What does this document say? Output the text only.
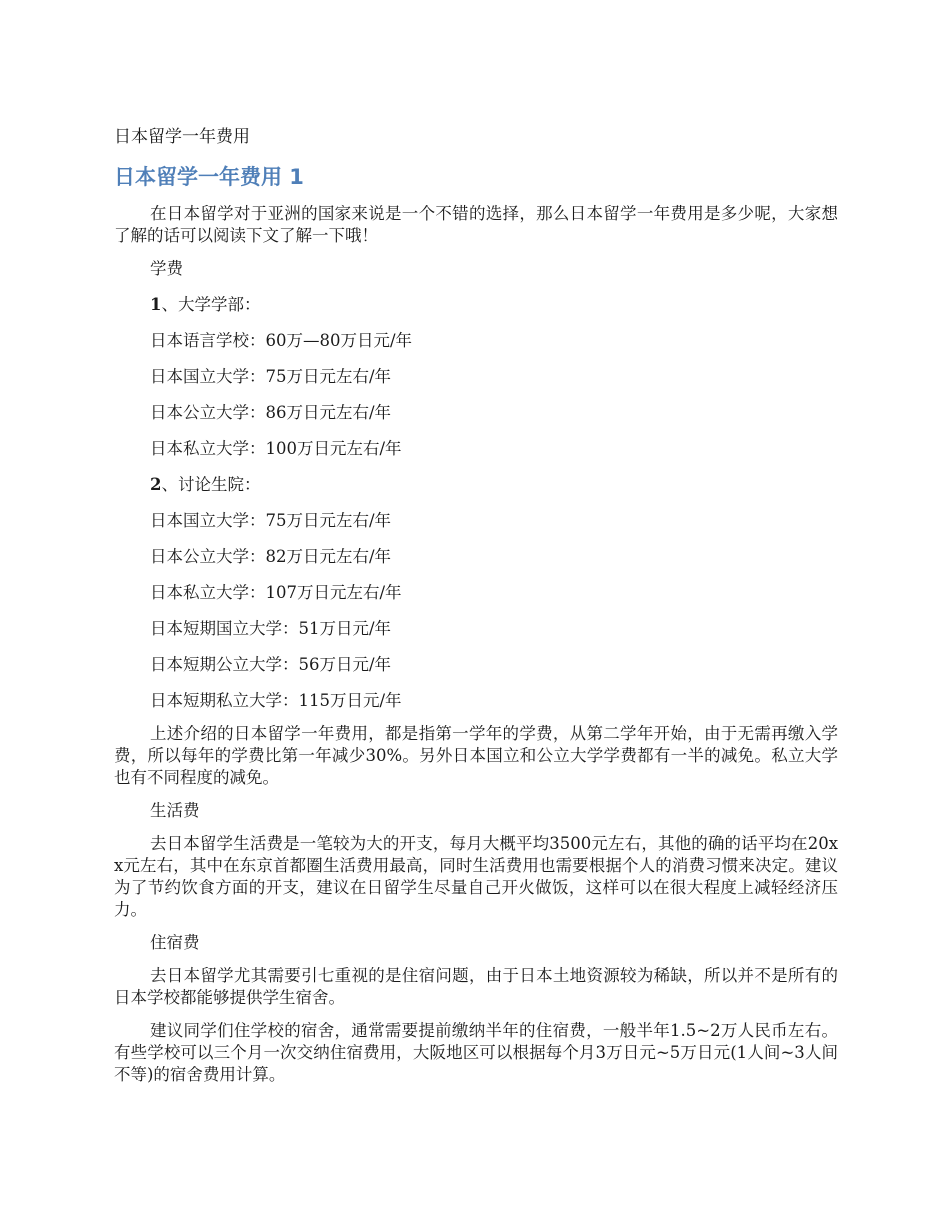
日本留学一年费用
日本留学一年费用 1

在日本留学对于亚洲的国家来说是一个不错的选择，那么日本留学一年费用是多少呢，大家想了解的话可以阅读下文了解一下哦！

学费
1、大学学部：
日本语言学校：60万—80万日元/年
日本国立大学：75万日元左右/年
日本公立大学：86万日元左右/年
日本私立大学：100万日元左右/年
2、讨论生院：
日本国立大学：75万日元左右/年
日本公立大学：82万日元左右/年
日本私立大学：107万日元左右/年
日本短期国立大学：51万日元/年
日本短期公立大学：56万日元/年
日本短期私立大学：115万日元/年

上述介绍的日本留学一年费用，都是指第一学年的学费，从第二学年开始，由于无需再缴入学费，所以每年的学费比第一年减少30%。另外日本国立和公立大学学费都有一半的减免。私立大学也有不同程度的减免。

生活费

去日本留学生活费是一笔较为大的开支，每月大概平均3500元左右，其他的确的话平均在20xx元左右，其中在东京首都圈生活费用最高，同时生活费用也需要根据个人的消费习惯来决定。建议为了节约饮食方面的开支，建议在日留学生尽量自己开火做饭，这样可以在很大程度上减轻经济压力。

住宿费

去日本留学尤其需要引七重视的是住宿问题，由于日本土地资源较为稀缺，所以并不是所有的日本学校都能够提供学生宿舍。

建议同学们住学校的宿舍，通常需要提前缴纳半年的住宿费，一般半年1.5~2万人民币左右。有些学校可以三个月一次交纳住宿费用，大阪地区可以根据每个月3万日元~5万日元(1人间~3人间不等)的宿舍费用计算。
